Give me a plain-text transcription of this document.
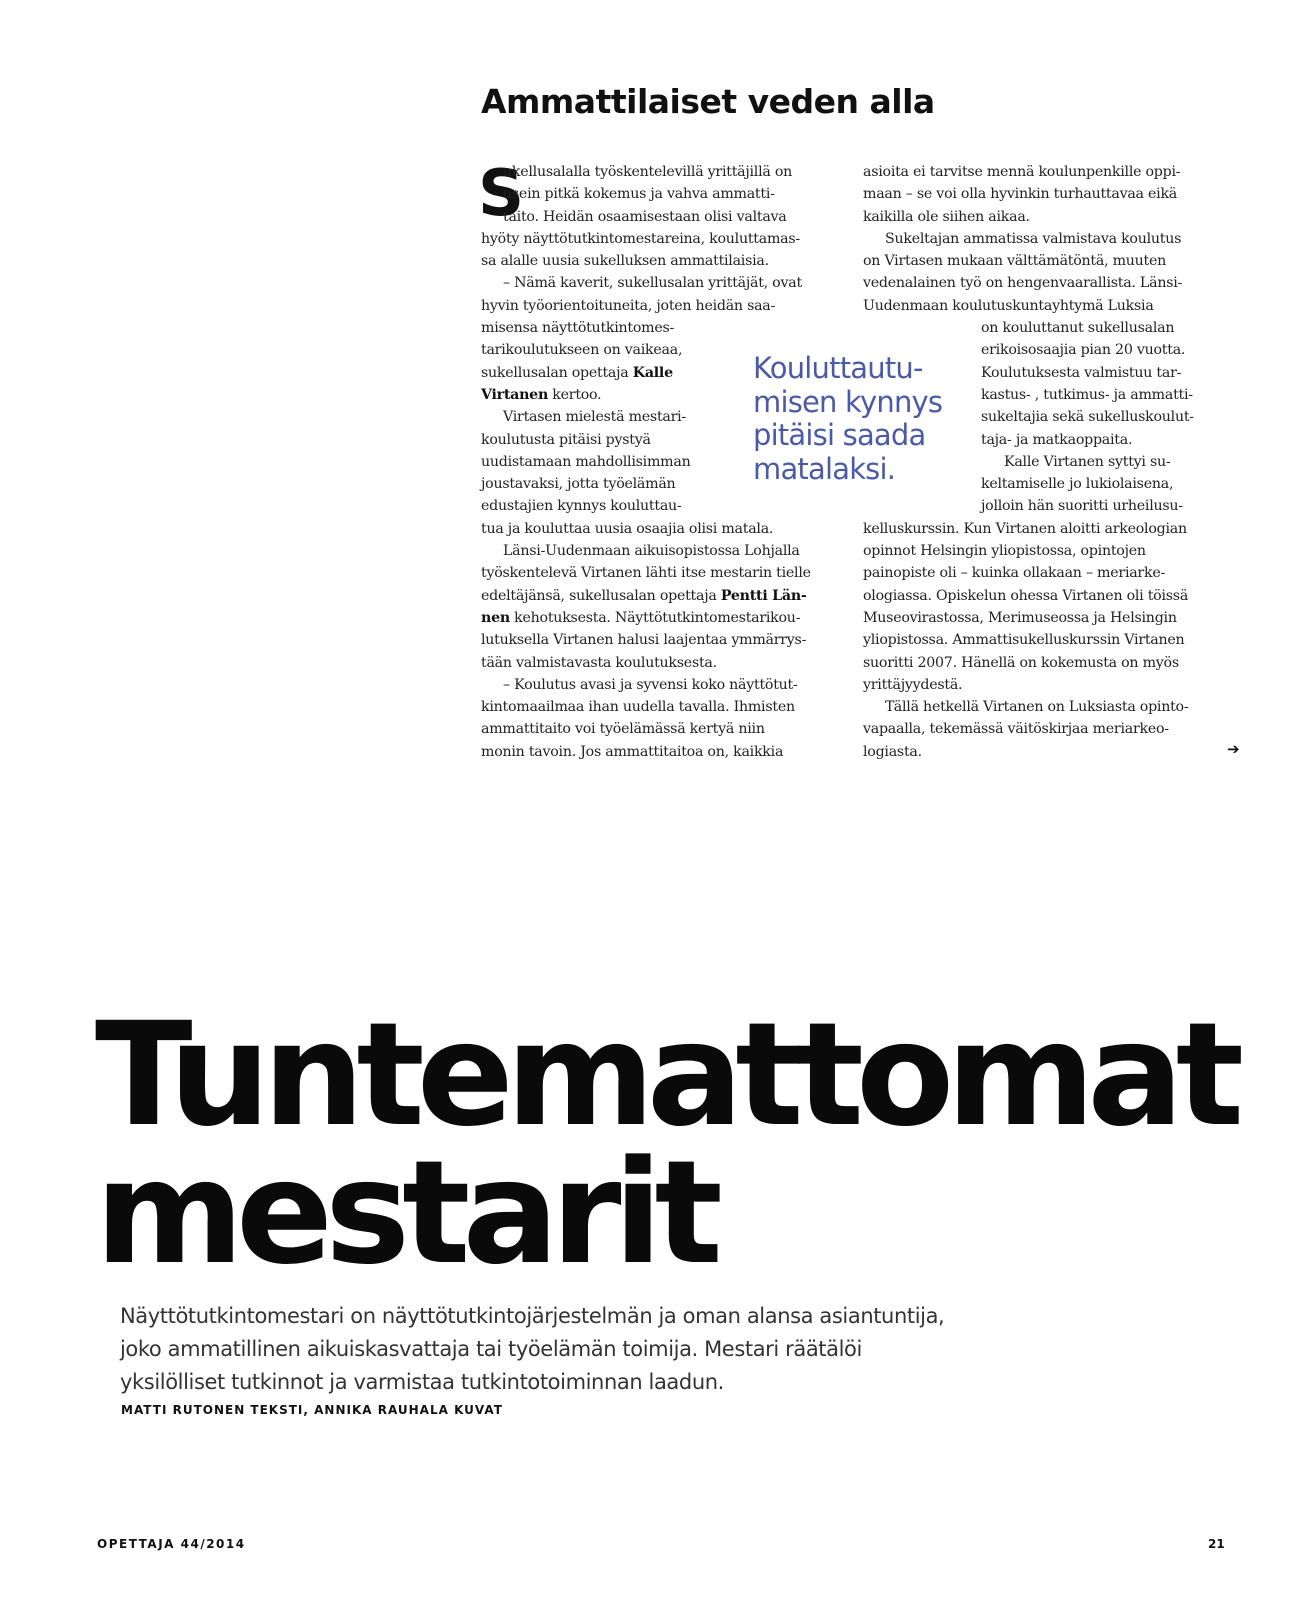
Ammattilaiset veden alla
S
ukellusalalla työskentelevillä yrittäjillä on
usein pitkä kokemus ja vahva ammatti-
taito. Heidän osaamisestaan olisi valtava
hyöty näyttötutkintomestareina, kouluttamas-
sa alalle uusia sukelluksen ammattilaisia.
– Nämä kaverit, sukellusalan yrittäjät, ovat
hyvin työorientoituneita, joten heidän saa-
misensa näyttötutkintomes-
tarikoulutukseen on vaikeaa,
sukellusalan opettaja Kalle
Virtanen kertoo.
Virtasen mielestä mestari-
koulutusta pitäisi pystyä
uudistamaan mahdollisimman
joustavaksi, jotta työelämän
edustajien kynnys kouluttau-
tua ja kouluttaa uusia osaajia olisi matala.
Länsi-Uudenmaan aikuisopistossa Lohjalla
työskentelevä Virtanen lähti itse mestarin tielle
edeltäjänsä, sukellusalan opettaja Pentti Län-
nen kehotuksesta. Näyttötutkintomestarikou-
lutuksella Virtanen halusi laajentaa ymmärrys-
tään valmistavasta koulutuksesta.
– Koulutus avasi ja syvensi koko näyttötut-
kintomaailmaa ihan uudella tavalla. Ihmisten
ammattitaito voi työelämässä kertyä niin
monin tavoin. Jos ammattitaitoa on, kaikkia
Kouluttautu-
misen kynnys
pitäisi saada
matalaksi.
asioita ei tarvitse mennä koulunpenkille oppi-
maan – se voi olla hyvinkin turhauttavaa eikä
kaikilla ole siihen aikaa.
Sukeltajan ammatissa valmistava koulutus
on Virtasen mukaan välttämätöntä, muuten
vedenalainen työ on hengenvaarallista. Länsi-
Uudenmaan koulutuskuntayhtymä Luksia
on kouluttanut sukellusalan
erikoisosaajia pian 20 vuotta.
Koulutuksesta valmistuu tar-
kastus- , tutkimus- ja ammatti-
sukeltajia sekä sukelluskoulut-
taja- ja matkaoppaita.
Kalle Virtanen syttyi su-
keltamiselle jo lukiolaisena,
jolloin hän suoritti urheilusu-
kelluskurssin. Kun Virtanen aloitti arkeologian
opinnot Helsingin yliopistossa, opintojen
painopiste oli – kuinka ollakaan – meriarke-
ologiassa. Opiskelun ohessa Virtanen oli töissä
Museovirastossa, Merimuseossa ja Helsingin
yliopistossa. Ammattisukelluskurssin Virtanen
suoritti 2007. Hänellä on kokemusta on myös
yrittäjyydestä.
Tällä hetkellä Virtanen on Luksiasta opinto-
vapaalla, tekemässä väitöskirjaa meriarkeo-
logiasta.	➔
Tuntemattomat
mestarit

Näyttötutkintomestari on näyttötutkintojärjestelmän ja oman alansa asiantuntija,
joko ammatillinen aikuiskasvattaja tai työelämän toimija. Mestari räätälöi
yksilölliset tutkinnot ja varmistaa tutkintotoiminnan laadun.

MATTI RUTONEN TEKSTI, ANNIKA RAUHALA KUVAT
OPETTAJA 44/2014	21
